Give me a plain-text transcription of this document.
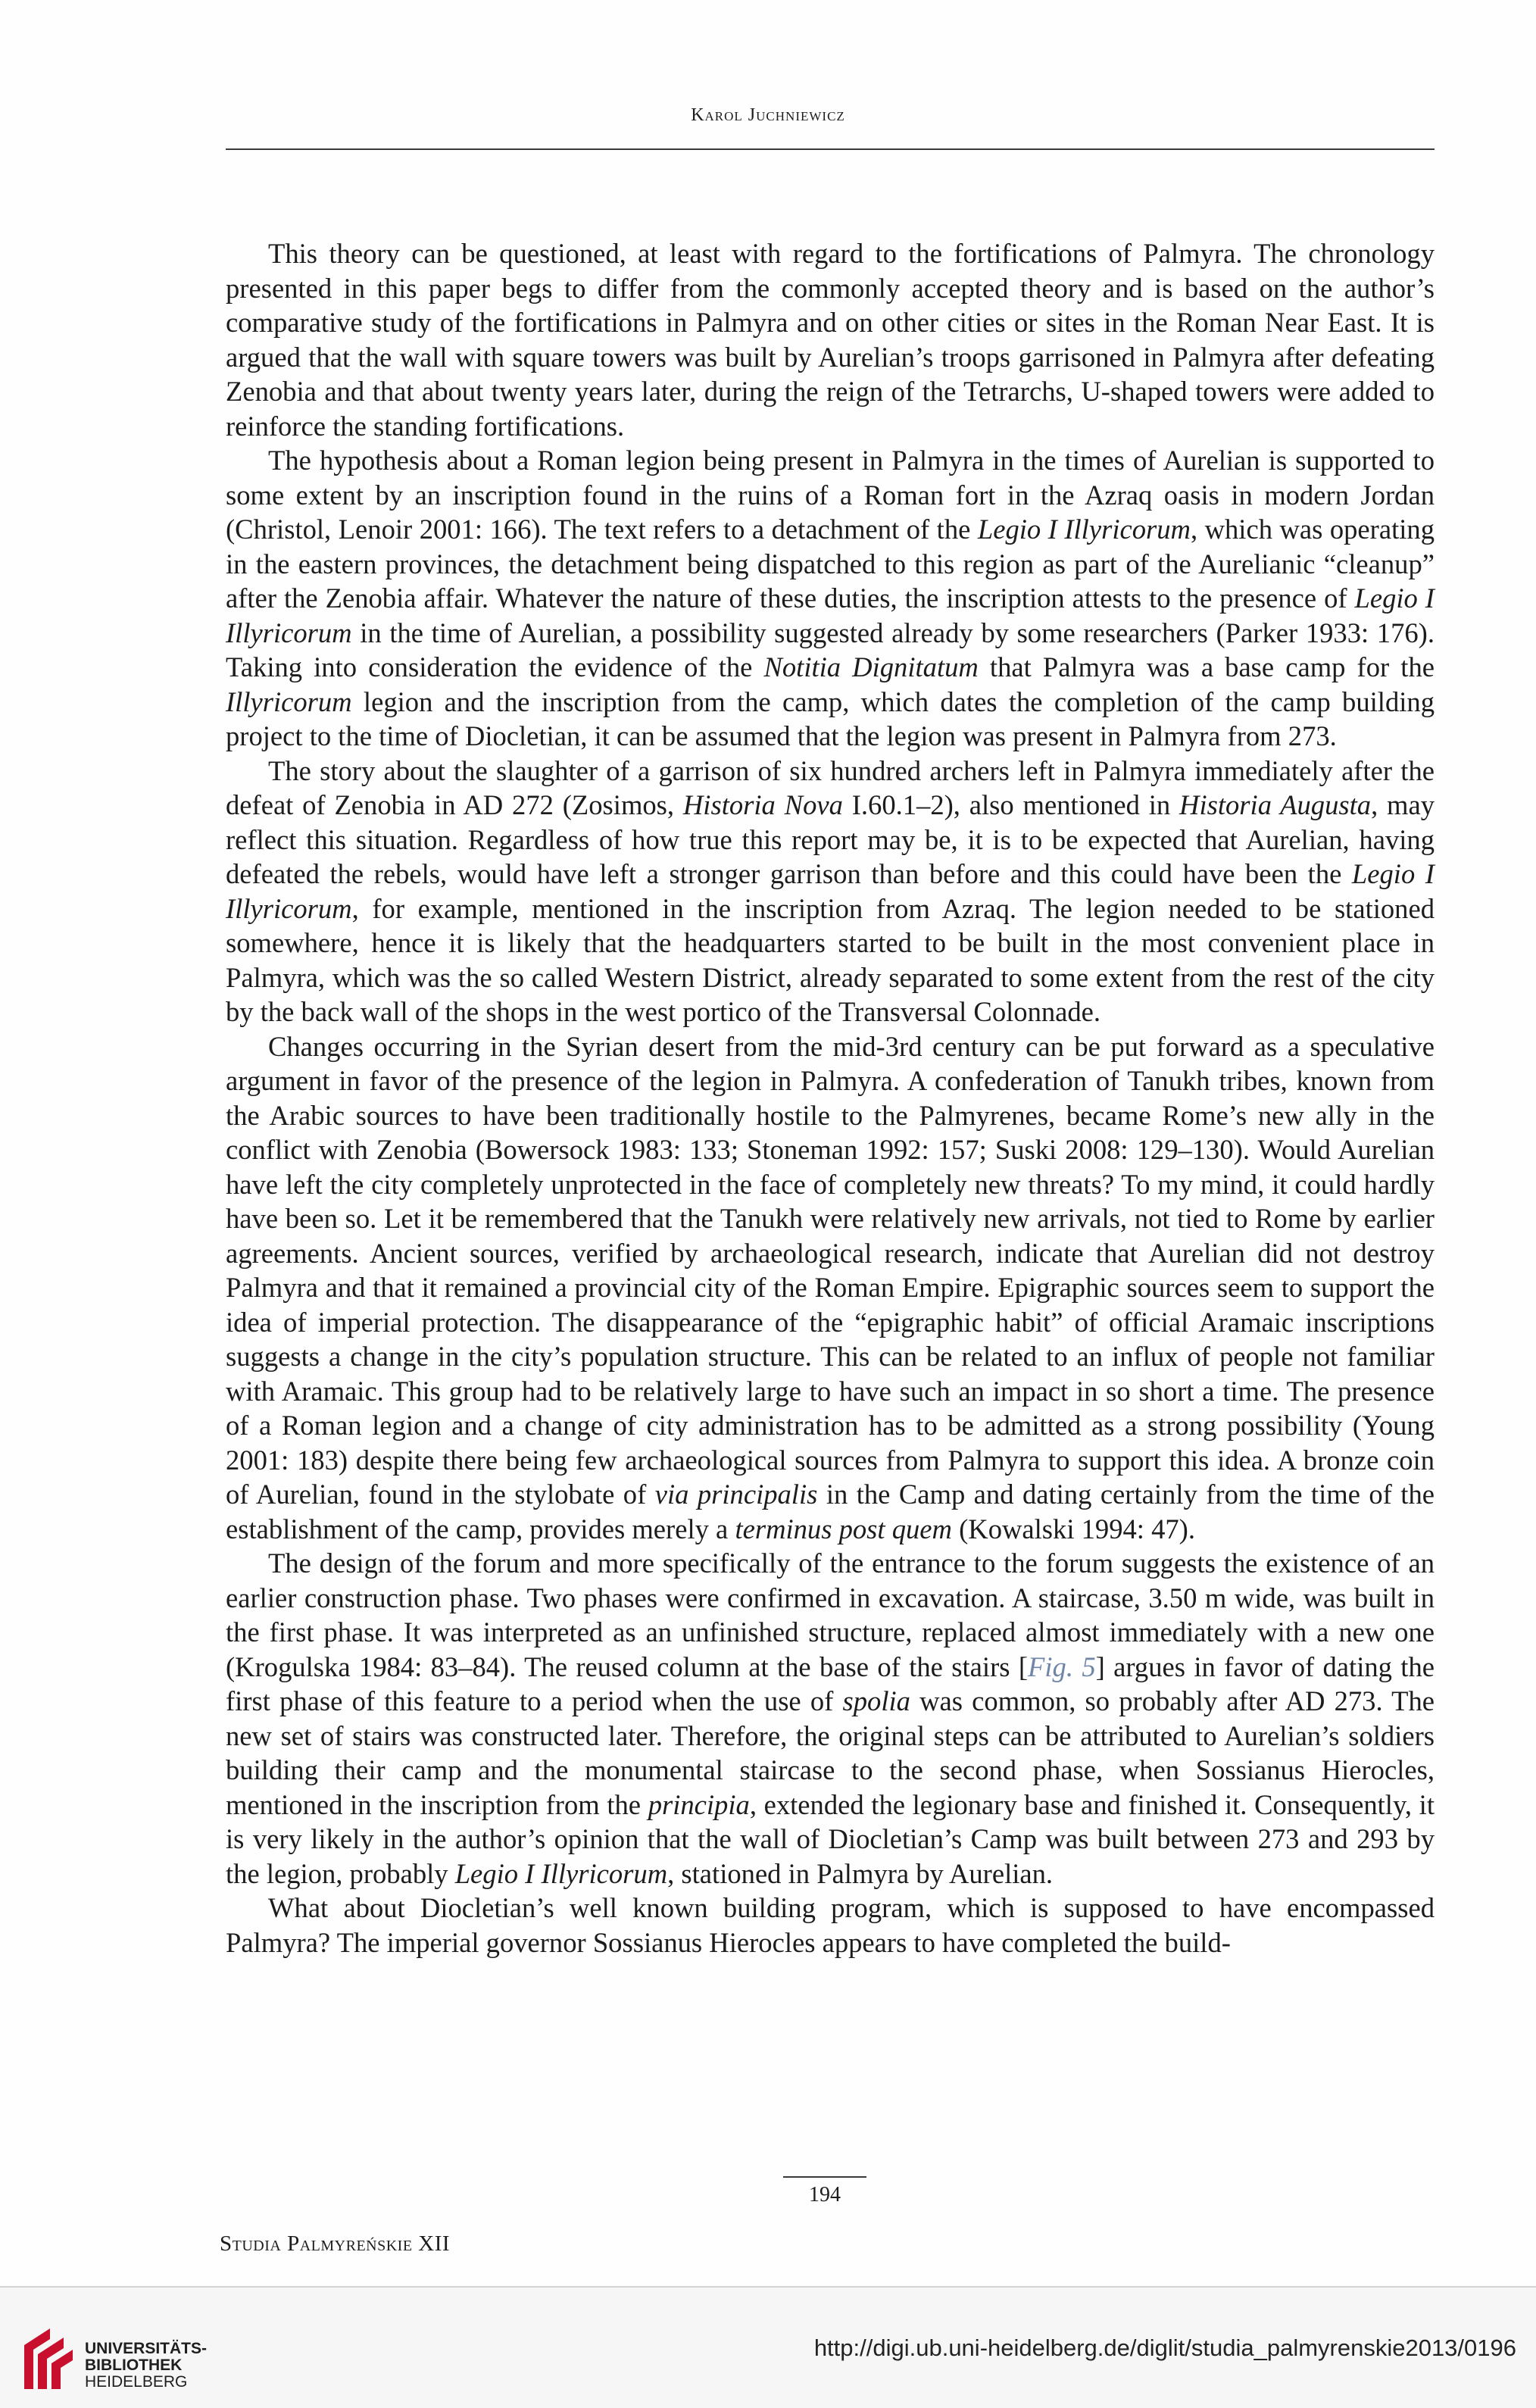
Karol Juchniewicz

This theory can be questioned, at least with regard to the fortifications of Palmyra. The chronology presented in this paper begs to differ from the commonly accepted theory and is based on the author’s comparative study of the fortifications in Palmyra and on other cities or sites in the Roman Near East. It is argued that the wall with square towers was built by Aurelian’s troops garrisoned in Palmyra after defeating Zenobia and that about twenty years later, during the reign of the Tetrarchs, U-shaped towers were added to reinforce the standing fortifications.

The hypothesis about a Roman legion being present in Palmyra in the times of Aurelian is supported to some extent by an inscription found in the ruins of a Roman fort in the Azraq oasis in modern Jordan (Christol, Lenoir 2001: 166). The text refers to a detachment of the Legio I Illyricorum, which was operating in the eastern provinces, the detachment being dispatched to this region as part of the Aurelianic “cleanup” after the Zenobia affair. Whatever the nature of these duties, the inscription attests to the presence of Legio I Illyricorum in the time of Aurelian, a possibility suggested already by some researchers (Parker 1933: 176). Taking into consideration the evidence of the Notitia Dignitatum that Palmyra was a base camp for the Illyricorum legion and the inscription from the camp, which dates the completion of the camp building project to the time of Diocletian, it can be assumed that the legion was present in Palmyra from 273.

The story about the slaughter of a garrison of six hundred archers left in Palmyra immediately after the defeat of Zenobia in AD 272 (Zosimos, Historia Nova I.60.1–2), also mentioned in Historia Augusta, may reflect this situation. Regardless of how true this report may be, it is to be expected that Aurelian, having defeated the rebels, would have left a stronger garrison than before and this could have been the Legio I Illyricorum, for example, mentioned in the inscription from Azraq. The legion needed to be stationed somewhere, hence it is likely that the headquarters started to be built in the most convenient place in Palmyra, which was the so called Western District, already separated to some extent from the rest of the city by the back wall of the shops in the west portico of the Transversal Colonnade.

Changes occurring in the Syrian desert from the mid-3rd century can be put forward as a speculative argument in favor of the presence of the legion in Palmyra. A confederation of Tanukh tribes, known from the Arabic sources to have been traditionally hostile to the Palmyrenes, became Rome’s new ally in the conflict with Zenobia (Bowersock 1983: 133; Stoneman 1992: 157; Suski 2008: 129–130). Would Aurelian have left the city completely unprotected in the face of completely new threats? To my mind, it could hardly have been so. Let it be remembered that the Tanukh were relatively new arrivals, not tied to Rome by earlier agreements. Ancient sources, verified by archaeological research, indicate that Aurelian did not destroy Palmyra and that it remained a provincial city of the Roman Empire. Epigraphic sources seem to support the idea of imperial protection. The disappearance of the “epigraphic habit” of official Aramaic inscriptions suggests a change in the city’s population structure. This can be related to an influx of people not familiar with Aramaic. This group had to be relatively large to have such an impact in so short a time. The presence of a Roman legion and a change of city administration has to be admitted as a strong possibility (Young 2001: 183) despite there being few archaeological sources from Palmyra to support this idea. A bronze coin of Aurelian, found in the stylobate of via principalis in the Camp and dating certainly from the time of the establishment of the camp, provides merely a terminus post quem (Kowalski 1994: 47).

The design of the forum and more specifically of the entrance to the forum suggests the existence of an earlier construction phase. Two phases were confirmed in excavation. A staircase, 3.50 m wide, was built in the first phase. It was interpreted as an unfinished structure, replaced almost immediately with a new one (Krogulska 1984: 83–84). The reused column at the base of the stairs [Fig. 5] argues in favor of dating the first phase of this feature to a period when the use of spolia was common, so probably after AD 273. The new set of stairs was constructed later. Therefore, the original steps can be attributed to Aurelian’s soldiers building their camp and the monumental staircase to the second phase, when Sossianus Hierocles, mentioned in the inscription from the principia, extended the legionary base and finished it. Consequently, it is very likely in the author’s opinion that the wall of Diocletian’s Camp was built between 273 and 293 by the legion, probably Legio I Illyricorum, stationed in Palmyra by Aurelian.

What about Diocletian’s well known building program, which is supposed to have encompassed Palmyra? The imperial governor Sossianus Hierocles appears to have completed the build-

194
Studia Palmyreńskie XII
UNIVERSITÄTS-
BIBLIOTHEK
HEIDELBERG
http://digi.ub.uni-heidelberg.de/diglit/studia_palmyrenskie2013/0196
